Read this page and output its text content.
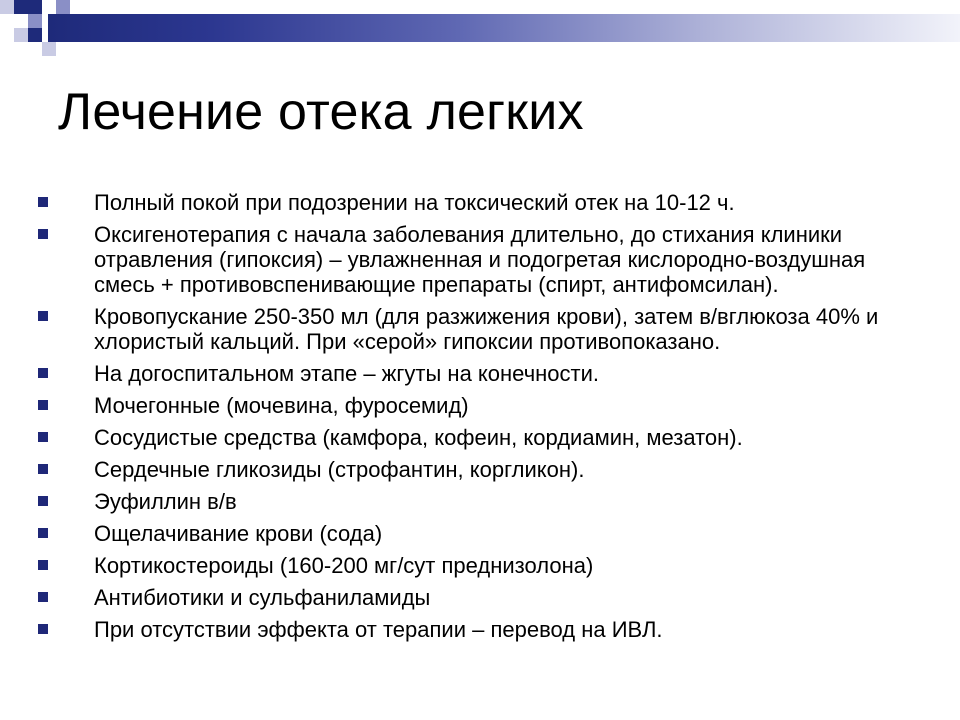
Лечение отека легких
Полный покой при подозрении на токсический отек на 10-12 ч.
Оксигенотерапия с начала заболевания длительно, до стихания клиники отравления (гипоксия) – увлажненная и подогретая кислородно-воздушная смесь + противовспенивающие препараты (спирт, антифомсилан).
Кровопускание 250-350 мл (для разжижения крови), затем в/вглюкоза 40% и хлористый кальций. При «серой» гипоксии противопоказано.
На догоспитальном этапе – жгуты на конечности.
Мочегонные (мочевина, фуросемид)
Сосудистые средства (камфора, кофеин, кордиамин, мезатон).
Сердечные гликозиды (строфантин, коргликон).
Эуфиллин в/в
Ощелачивание крови (сода)
Кортикостероиды (160-200 мг/сут преднизолона)
Антибиотики и сульфаниламиды
При отсутствии эффекта от терапии – перевод на ИВЛ.
